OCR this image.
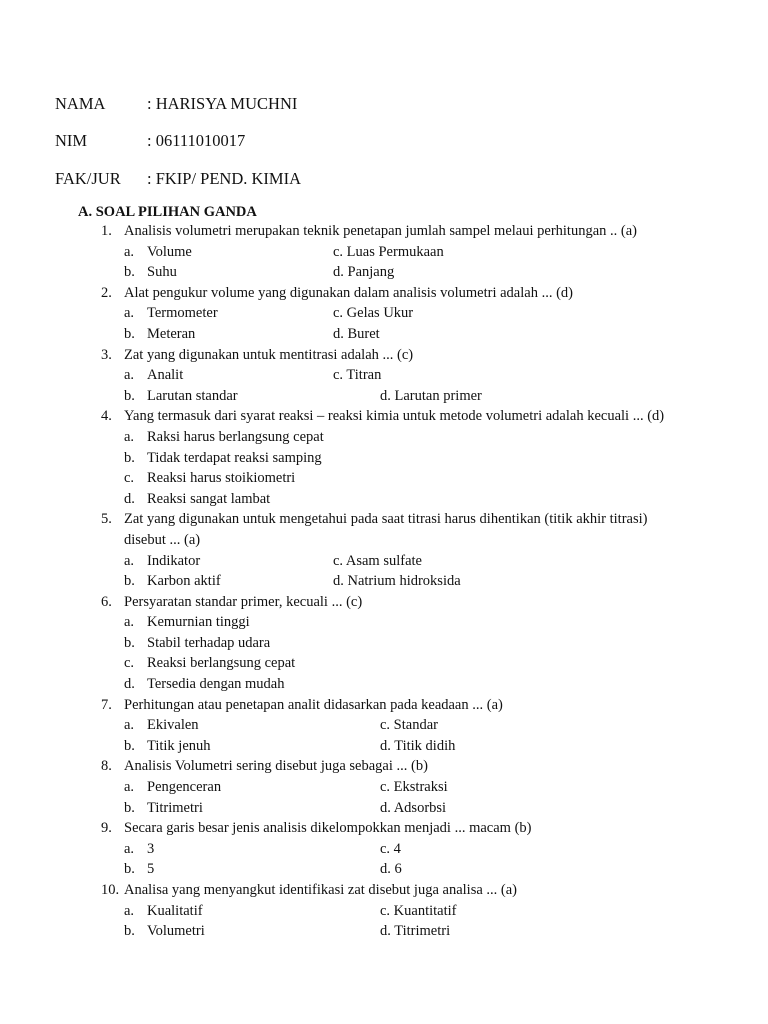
NAMA	: HARISYA MUCHNI
NIM	: 06111010017
FAK/JUR : FKIP/ PEND. KIMIA
A. SOAL PILIHAN GANDA
1. Analisis volumetri merupakan teknik penetapan jumlah sampel melaui perhitungan .. (a)
a. Volume	c. Luas Permukaan
b. Suhu	d. Panjang
2. Alat pengukur volume yang digunakan dalam analisis volumetri adalah ... (d)
a. Termometer	c. Gelas Ukur
b. Meteran	d. Buret
3. Zat yang digunakan untuk mentitrasi adalah ... (c)
a. Analit	c. Titran
b. Larutan standar	d. Larutan primer
4. Yang termasuk dari syarat reaksi – reaksi kimia untuk metode volumetri adalah kecuali ... (d)
a. Raksi harus berlangsung cepat
b. Tidak terdapat reaksi samping
c. Reaksi harus stoikiometri
d. Reaksi sangat lambat
5. Zat yang digunakan untuk mengetahui pada saat titrasi harus dihentikan (titik akhir titrasi)
disebut ... (a)
a. Indikator	c. Asam sulfate
b. Karbon aktif	d. Natrium hidroksida
6. Persyaratan standar primer, kecuali ... (c)
a. Kemurnian tinggi
b. Stabil terhadap udara
c. Reaksi berlangsung cepat
d. Tersedia dengan mudah
7. Perhitungan atau penetapan analit didasarkan pada keadaan ... (a)
a. Ekivalen	c. Standar
b. Titik jenuh	d. Titik didih
8. Analisis Volumetri sering disebut juga sebagai ... (b)
a. Pengenceran	c. Ekstraksi
b. Titrimetri	d. Adsorbsi
9. Secara garis besar jenis analisis dikelompokkan menjadi ... macam (b)
a. 3	c. 4
b. 5	d. 6
10. Analisa yang menyangkut identifikasi zat disebut juga analisa ... (a)
a. Kualitatif	c. Kuantitatif
b. Volumetri	d. Titrimetri
